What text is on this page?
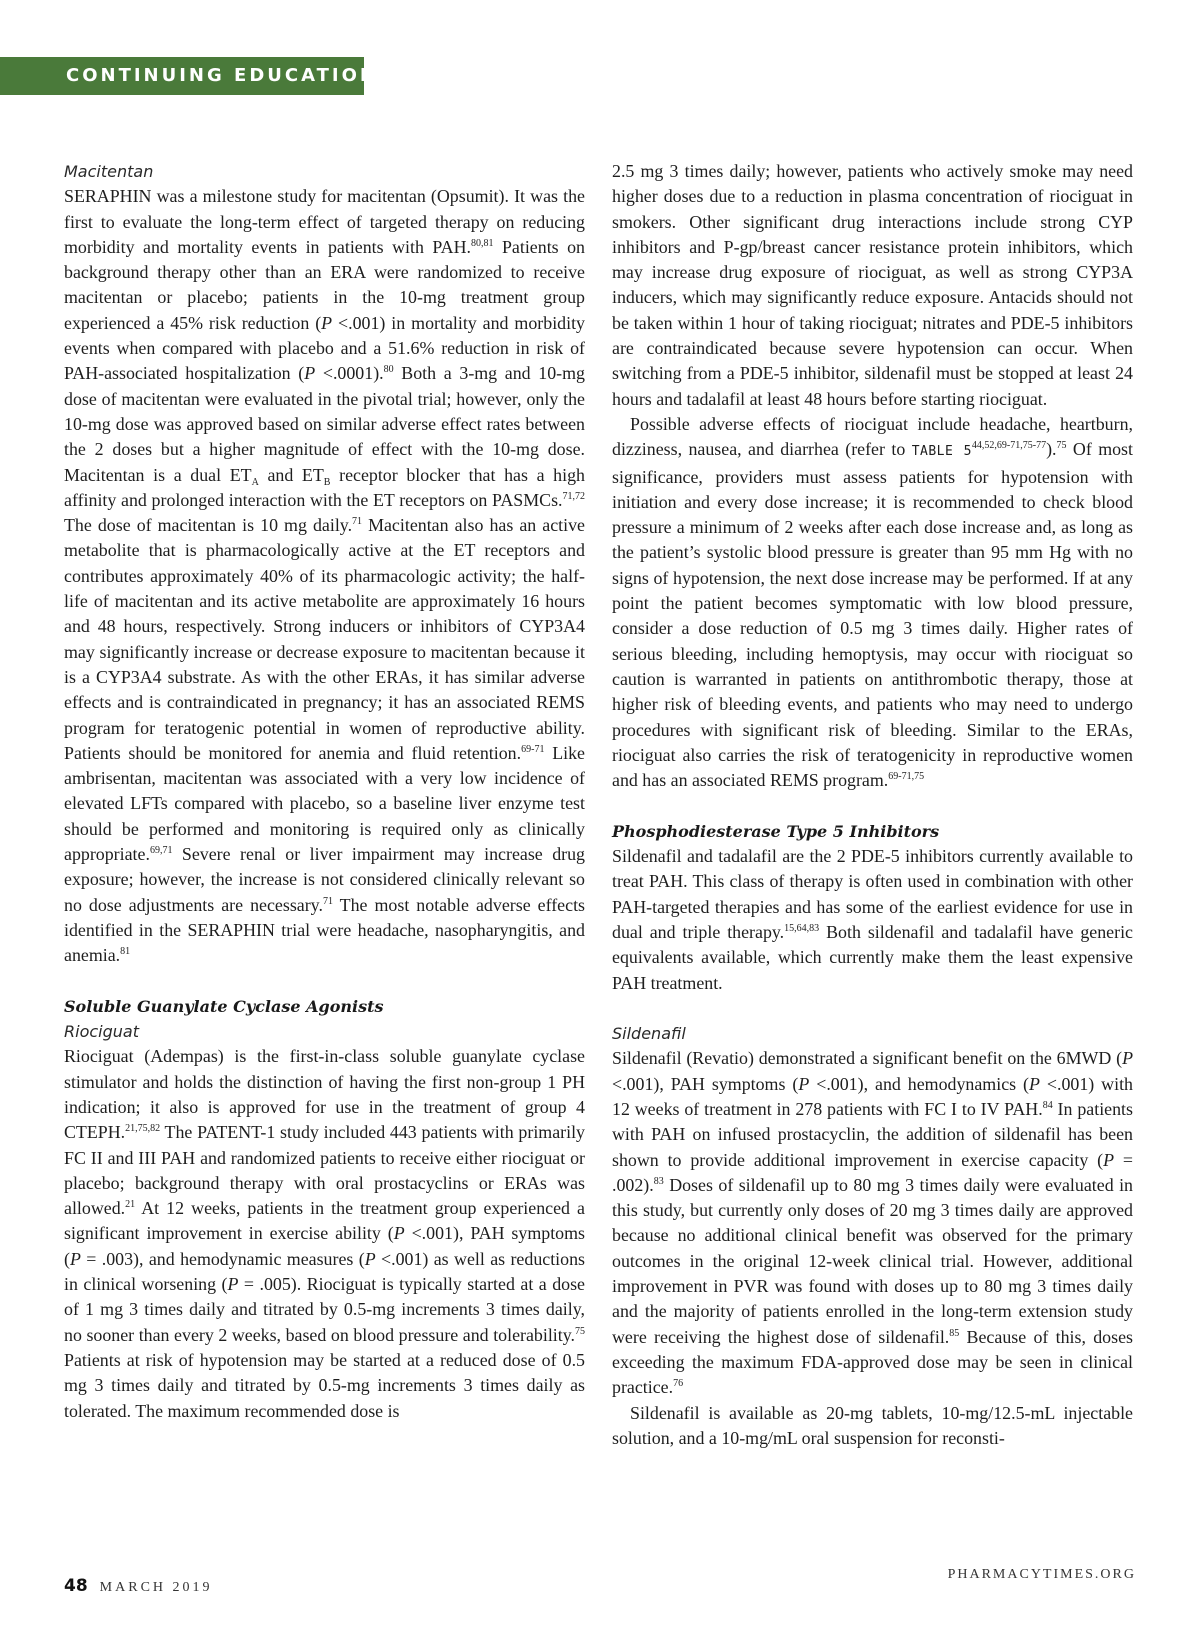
CONTINUING EDUCATION
Macitentan

SERAPHIN was a milestone study for macitentan (Opsumit). It was the first to evaluate the long-term effect of targeted therapy on reducing morbidity and mortality events in patients with PAH.$^{80,81}$ Patients on background therapy other than an ERA were randomized to receive macitentan or placebo; patients in the 10-mg treatment group experienced a 45% risk reduction (P <.001) in mortality and morbidity events when compared with placebo and a 51.6% reduction in risk of PAH-associated hospitalization (P <.0001).$^{80}$ Both a 3-mg and 10-mg dose of macitentan were evaluated in the pivotal trial; however, only the 10-mg dose was approved based on similar adverse effect rates between the 2 doses but a higher magnitude of effect with the 10-mg dose. Macitentan is a dual $ET_A$ and $ET_B$ receptor blocker that has a high affinity and prolonged interaction with the ET receptors on PASMCs.$^{71,72}$ The dose of macitentan is 10 mg daily.$^{71}$ Macitentan also has an active metabolite that is pharmacologically active at the ET receptors and contributes approximately 40% of its pharmacologic activity; the half-life of macitentan and its active metabolite are approximately 16 hours and 48 hours, respectively. Strong inducers or inhibitors of CYP3A4 may significantly increase or decrease exposure to macitentan because it is a CYP3A4 substrate. As with the other ERAs, it has similar adverse effects and is contraindicated in pregnancy; it has an associated REMS program for teratogenic potential in women of reproductive ability. Patients should be monitored for anemia and fluid retention.$^{69-71}$ Like ambrisentan, macitentan was associated with a very low incidence of elevated LFTs compared with placebo, so a baseline liver enzyme test should be performed and monitoring is required only as clinically appropriate.$^{69,71}$ Severe renal or liver impairment may increase drug exposure; however, the increase is not considered clinically relevant so no dose adjustments are necessary.$^{71}$ The most notable adverse effects identified in the SERAPHIN trial were headache, nasopharyngitis, and anemia.$^{81}$

Soluble Guanylate Cyclase Agonists
Riociguat

Riociguat (Adempas) is the first-in-class soluble guanylate cyclase stimulator and holds the distinction of having the first non-group 1 PH indication; it also is approved for use in the treatment of group 4 CTEPH.$^{21,75,82}$ The PATENT-1 study included 443 patients with primarily FC II and III PAH and randomized patients to receive either riociguat or placebo; background therapy with oral prostacyclins or ERAs was allowed.$^{21}$ At 12 weeks, patients in the treatment group experienced a significant improvement in exercise ability (P <.001), PAH symptoms (P = .003), and hemodynamic measures (P <.001) as well as reductions in clinical worsening (P = .005). Riociguat is typically started at a dose of 1 mg 3 times daily and titrated by 0.5-mg increments 3 times daily, no sooner than every 2 weeks, based on blood pressure and tolerability.$^{75}$ Patients at risk of hypotension may be started at a reduced dose of 0.5 mg 3 times daily and titrated by 0.5-mg increments 3 times daily as tolerated. The maximum recommended dose is

2.5 mg 3 times daily; however, patients who actively smoke may need higher doses due to a reduction in plasma concentration of riociguat in smokers. Other significant drug interactions include strong CYP inhibitors and P-gp/breast cancer resistance protein inhibitors, which may increase drug exposure of riociguat, as well as strong CYP3A inducers, which may significantly reduce exposure. Antacids should not be taken within 1 hour of taking riociguat; nitrates and PDE-5 inhibitors are contraindicated because severe hypotension can occur. When switching from a PDE-5 inhibitor, sildenafil must be stopped at least 24 hours and tadalafil at least 48 hours before starting riociguat.

Possible adverse effects of riociguat include headache, heartburn, dizziness, nausea, and diarrhea (refer to TABLE 5$^{44,52,69-71,75-77}$).$^{75}$ Of most significance, providers must assess patients for hypotension with initiation and every dose increase; it is recommended to check blood pressure a minimum of 2 weeks after each dose increase and, as long as the patient’s systolic blood pressure is greater than 95 mm Hg with no signs of hypotension, the next dose increase may be performed. If at any point the patient becomes symptomatic with low blood pressure, consider a dose reduction of 0.5 mg 3 times daily. Higher rates of serious bleeding, including hemoptysis, may occur with riociguat so caution is warranted in patients on antithrombotic therapy, those at higher risk of bleeding events, and patients who may need to undergo procedures with significant risk of bleeding. Similar to the ERAs, riociguat also carries the risk of teratogenicity in reproductive women and has an associated REMS program.$^{69-71,75}$

Phosphodiesterase Type 5 Inhibitors

Sildenafil and tadalafil are the 2 PDE-5 inhibitors currently available to treat PAH. This class of therapy is often used in combination with other PAH-targeted therapies and has some of the earliest evidence for use in dual and triple therapy.$^{15,64,83}$ Both sildenafil and tadalafil have generic equivalents available, which currently make them the least expensive PAH treatment.

Sildenafil

Sildenafil (Revatio) demonstrated a significant benefit on the 6MWD (P <.001), PAH symptoms (P <.001), and hemodynamics (P <.001) with 12 weeks of treatment in 278 patients with FC I to IV PAH.$^{84}$ In patients with PAH on infused prostacyclin, the addition of sildenafil has been shown to provide additional improvement in exercise capacity (P = .002).$^{83}$ Doses of sildenafil up to 80 mg 3 times daily were evaluated in this study, but currently only doses of 20 mg 3 times daily are approved because no additional clinical benefit was observed for the primary outcomes in the original 12-week clinical trial. However, additional improvement in PVR was found with doses up to 80 mg 3 times daily and the majority of patients enrolled in the long-term extension study were receiving the highest dose of sildenafil.$^{85}$ Because of this, doses exceeding the maximum FDA-approved dose may be seen in clinical practice.$^{76}$

Sildenafil is available as 20-mg tablets, 10-mg/12.5-mL injectable solution, and a 10-mg/mL oral suspension for reconsti-

48 MARCH 2019
PHARMACYTIMES.ORG
